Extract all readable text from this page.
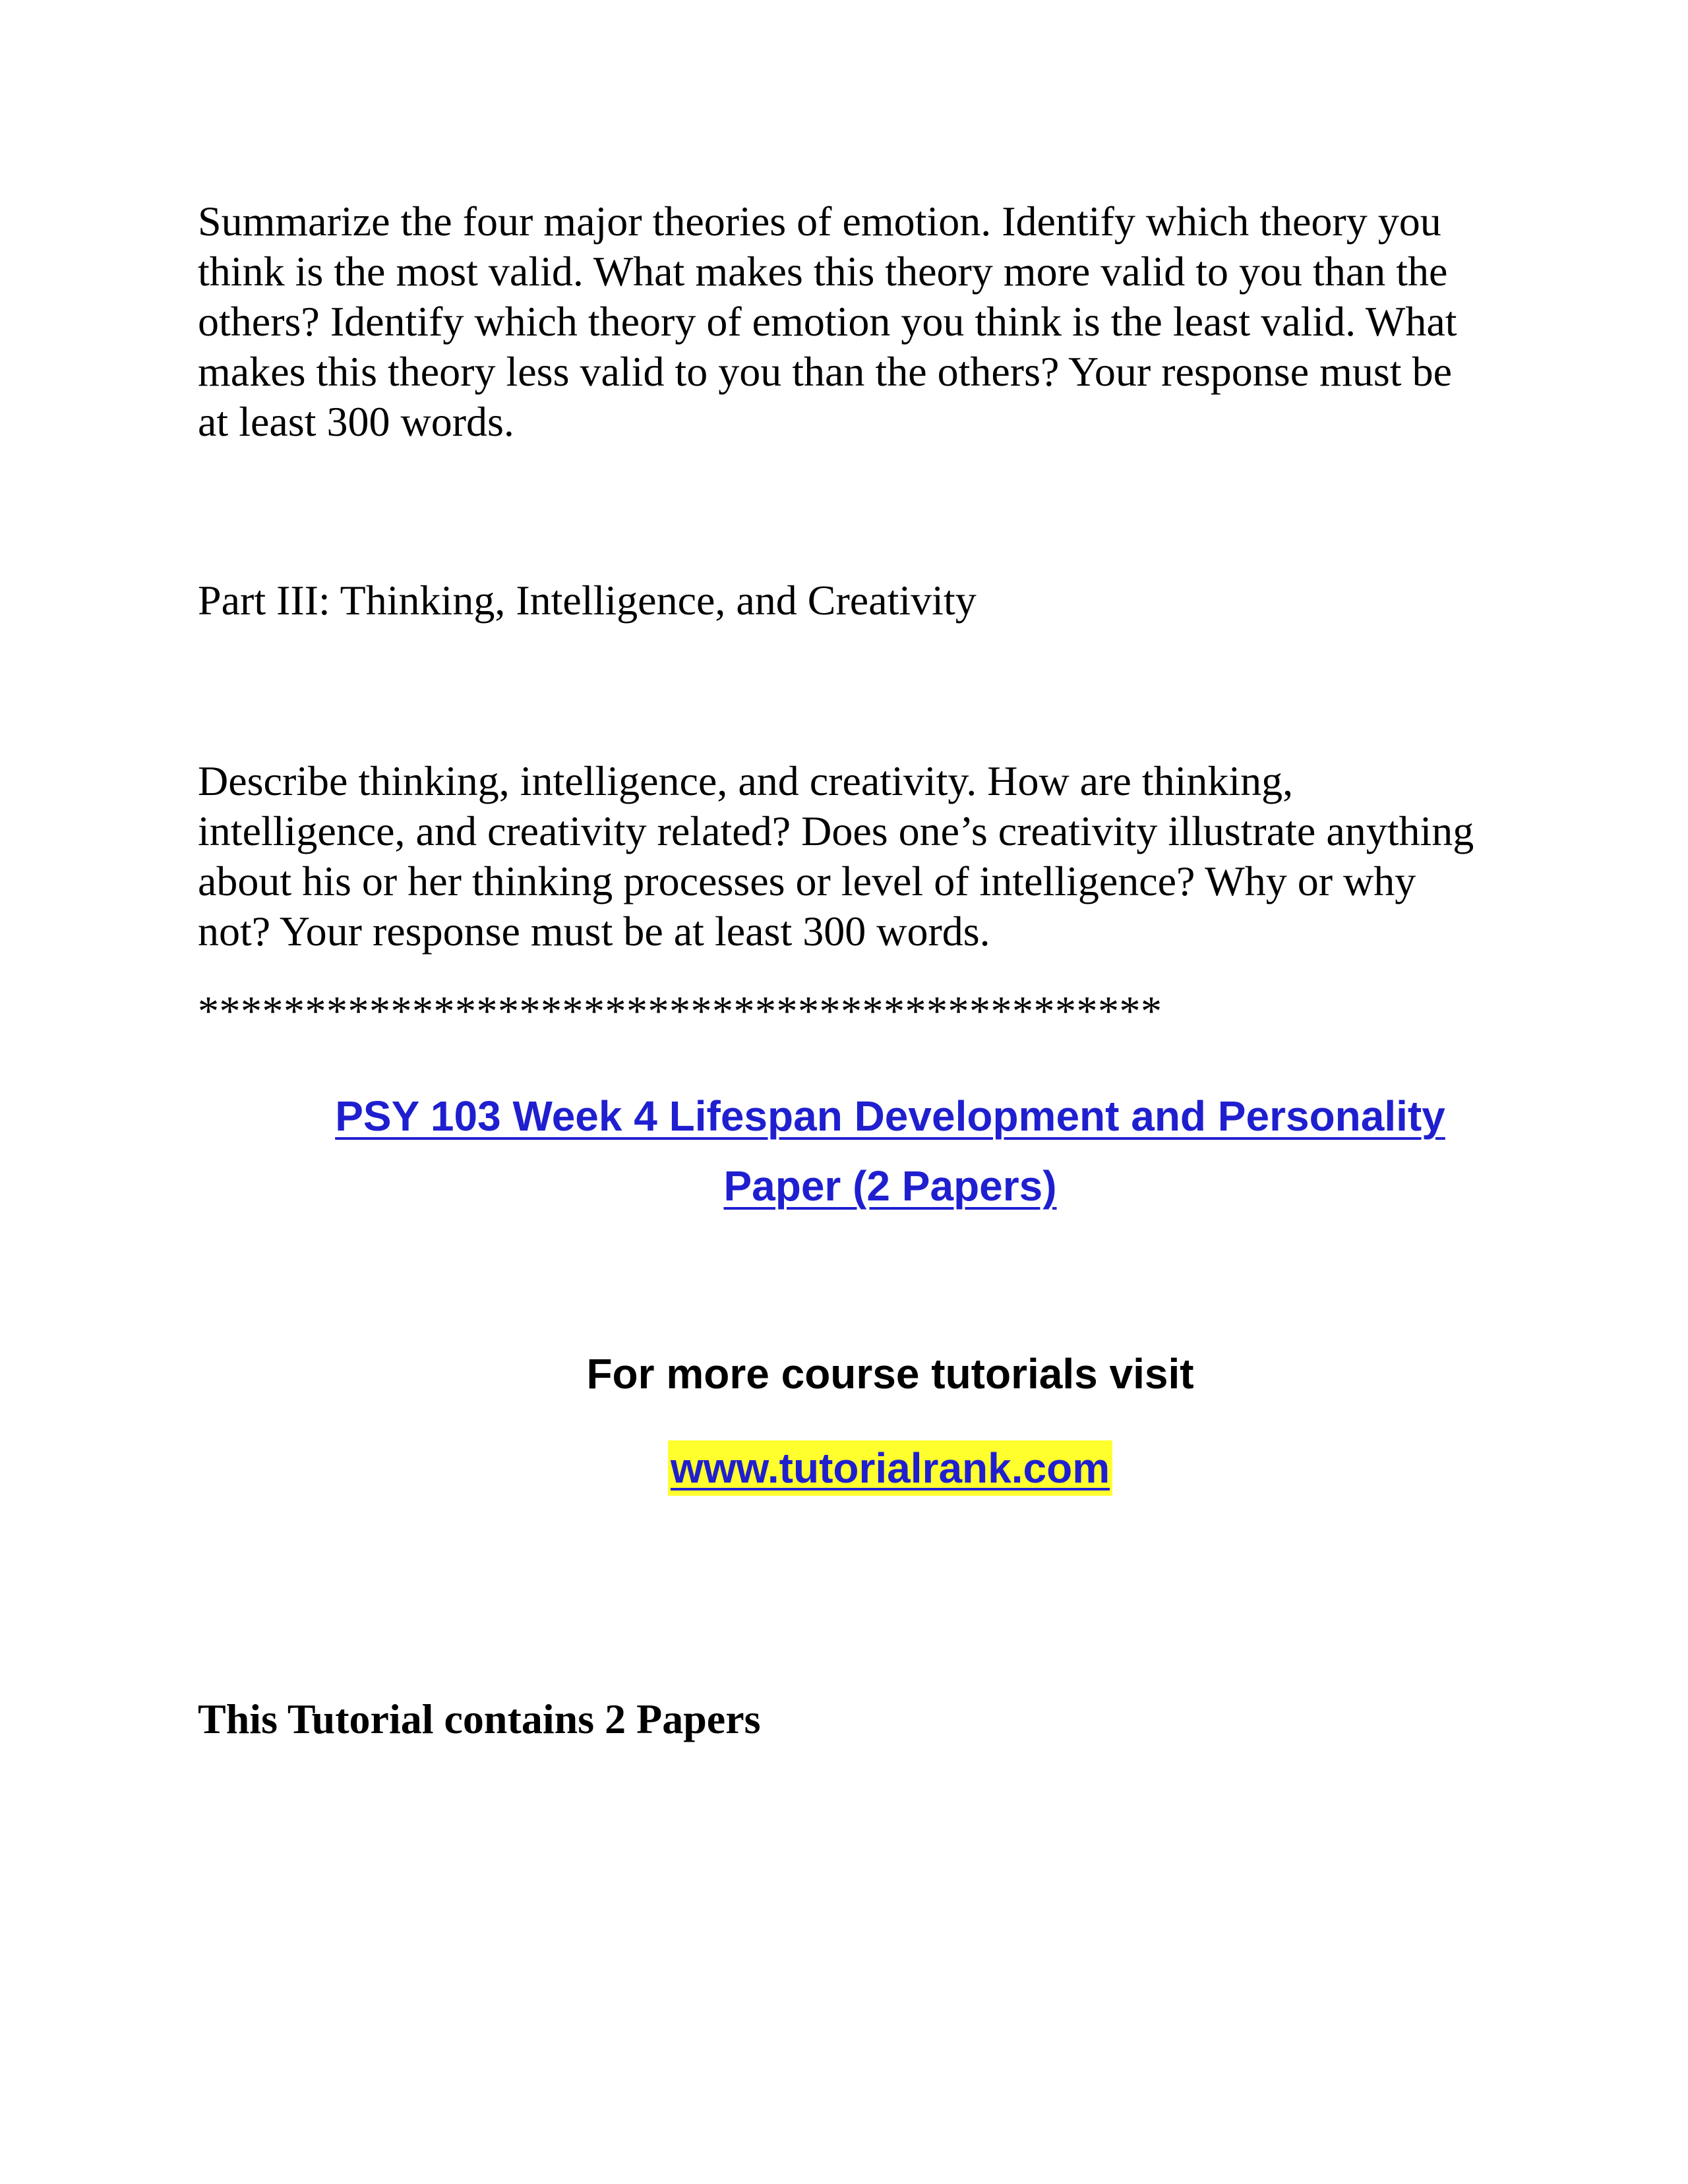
Summarize the four major theories of emotion. Identify which theory you think is the most valid. What makes this theory more valid to you than the others? Identify which theory of emotion you think is the least valid. What makes this theory less valid to you than the others? Your response must be at least 300 words.

Part III: Thinking, Intelligence, and Creativity

Describe thinking, intelligence, and creativity. How are thinking, intelligence, and creativity related? Does one’s creativity illustrate anything about his or her thinking processes or level of intelligence? Why or why not? Your response must be at least 300 words.

*********************************************

PSY 103 Week 4 Lifespan Development and Personality
Paper (2 Papers)

For more course tutorials visit

www.tutorialrank.com

This Tutorial contains 2 Papers
